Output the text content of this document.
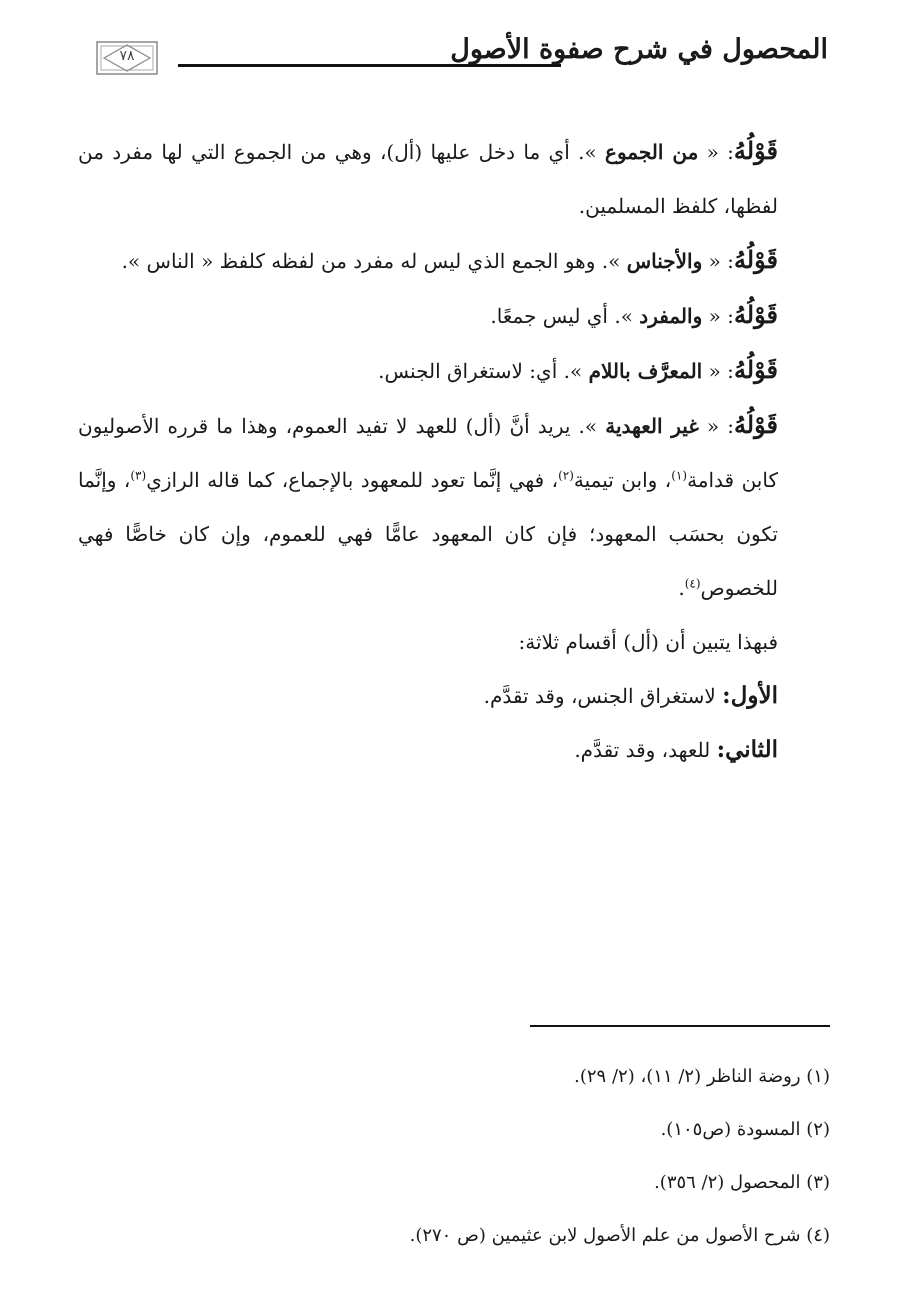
المحصول في شرح صفوة الأصول
٧٨

قَوْلُهُ: « من الجموع ». أي ما دخل عليها (أل)، وهي من الجموع التي لها مفرد من لفظها، كلفظ المسلمين.

قَوْلُهُ: « والأجناس ». وهو الجمع الذي ليس له مفرد من لفظه كلفظ « الناس ».

قَوْلُهُ: « والمفرد ». أي ليس جمعًا.

قَوْلُهُ: « المعرَّف باللام ». أي: لاستغراق الجنس.

قَوْلُهُ: « غير العهدية ». يريد أنَّ (أل) للعهد لا تفيد العموم، وهذا ما قرره الأصوليون كابن قدامة$^{(١)}$، وابن تيمية$^{(٢)}$، فهي إنَّما تعود للمعهود بالإجماع، كما قاله الرازي$^{(٣)}$، وإنَّما تكون بحسَب المعهود؛ فإن كان المعهود عامًّا فهي للعموم، وإن كان خاصًّا فهي للخصوص$^{(٤)}$.

فبهذا يتبين أن (أل) أقسام ثلاثة:

الأول: لاستغراق الجنس، وقد تقدَّم.

الثاني: للعهد، وقد تقدَّم.

(١) روضة الناظر (٢/ ١١)، (٢/ ٢٩).

(٢) المسودة (ص١٠٥).

(٣) المحصول (٢/ ٣٥٦).

(٤) شرح الأصول من علم الأصول لابن عثيمين (ص ٢٧٠).
